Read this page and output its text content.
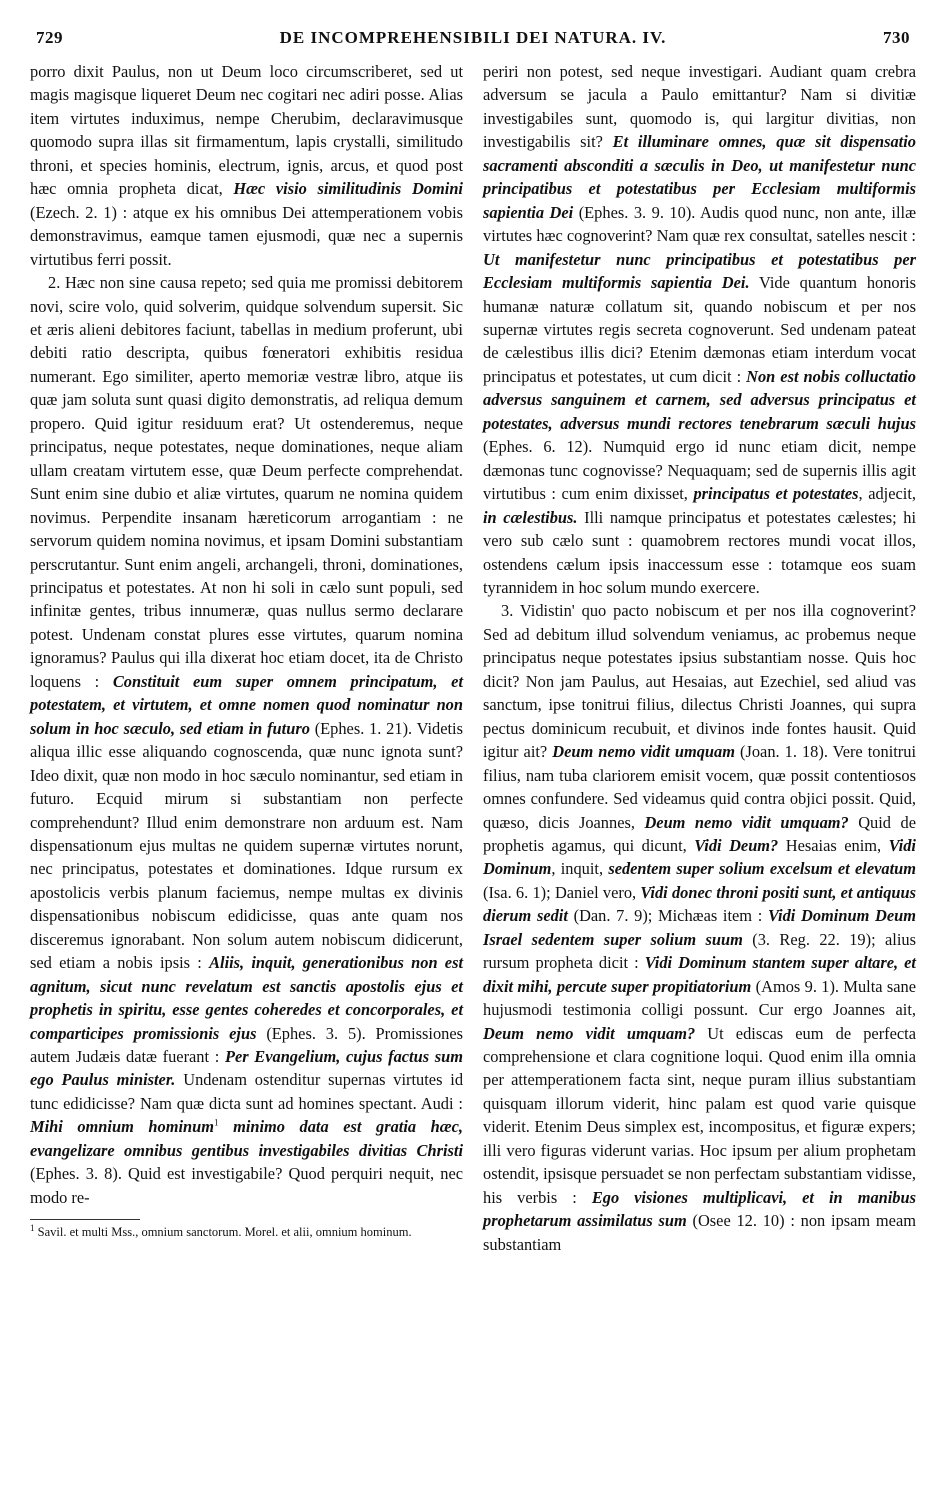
729	DE INCOMPREHENSIBILI DEI NATURA. IV.	730

porro dixit Paulus, non ut Deum loco circumscriberet, sed ut magis magisque liqueret Deum nec cogitari nec adiri posse. Alias item virtutes induximus, nempe Cherubim, declaravimusque quomodo supra illas sit firmamentum, lapis crystalli, similitudo throni, et species hominis, electrum, ignis, arcus, et quod post hæc omnia propheta dicat, Hæc visio similitudinis Domini (Ezech. 2. 1) : atque ex his omnibus Dei attemperationem vobis demonstravimus, eamque tamen ejusmodi, quæ nec a supernis virtutibus ferri possit.

2. Hæc non sine causa repeto; sed quia me promissi debitorem novi, scire volo, quid solverim, quidque solvendum supersit. Sic et æris alieni debitores faciunt, tabellas in medium proferunt, ubi debiti ratio descripta, quibus fœneratori exhibitis residua numerant. Ego similiter, aperto memoriæ vestræ libro, atque iis quæ jam soluta sunt quasi digito demonstratis, ad reliqua demum propero. Quid igitur residuum erat? Ut ostenderemus, neque principatus, neque potestates, neque dominationes, neque aliam ullam creatam virtutem esse, quæ Deum perfecte comprehendat. Sunt enim sine dubio et aliæ virtutes, quarum ne nomina quidem novimus. Perpendite insanam hæreticorum arrogantiam : ne servorum quidem nomina novimus, et ipsam Domini substantiam perscrutantur. Sunt enim angeli, archangeli, throni, dominationes, principatus et potestates. At non hi soli in cælo sunt populi, sed infinitæ gentes, tribus innumeræ, quas nullus sermo declarare potest. Undenam constat plures esse virtutes, quarum nomina ignoramus? Paulus qui illa dixerat hoc etiam docet, ita de Christo loquens : Constituit eum super omnem principatum, et potestatem, et virtutem, et omne nomen quod nominatur non solum in hoc sæculo, sed etiam in futuro (Ephes. 1. 21). Videtis aliqua illic esse aliquando cognoscenda, quæ nunc ignota sunt? Ideo dixit, quæ non modo in hoc sæculo nominantur, sed etiam in futuro. Ecquid mirum si substantiam non perfecte comprehendunt? Illud enim demonstrare non arduum est. Nam dispensationum ejus multas ne quidem supernæ virtutes norunt, nec principatus, potestates et dominationes. Idque rursum ex apostolicis verbis planum faciemus, nempe multas ex divinis dispensationibus nobiscum edidicisse, quas ante quam nos disceremus ignorabant. Non solum autem nobiscum didicerunt, sed etiam a nobis ipsis : Aliis, inquit, generationibus non est agnitum, sicut nunc revelatum est sanctis apostolis ejus et prophetis in spiritu, esse gentes coheredes et concorporales, et comparticipes promissionis ejus (Ephes. 3. 5). Promissiones autem Judæis datæ fuerant : Per Evangelium, cujus factus sum ego Paulus minister. Undenam ostenditur supernas virtutes id tunc edidicisse? Nam quæ dicta sunt ad homines spectant. Audi : Mihi omnium hominum$^1$ minimo data est gratia hæc, evangelizare omnibus gentibus investigabiles divitias Christi (Ephes. 3. 8). Quid est investigabile? Quod perquiri nequit, nec modo re-

$^1$ Savil. et multi Mss., omnium sanctorum. Morel. et alii, omnium hominum.

periri non potest, sed neque investigari. Audiant quam crebra adversum se jacula a Paulo emittantur? Nam si divitiæ investigabiles sunt, quomodo is, qui largitur divitias, non investigabilis sit? Et illuminare omnes, quæ sit dispensatio sacramenti absconditi a sæculis in Deo, ut manifestetur nunc principatibus et potestatibus per Ecclesiam multiformis sapientia Dei (Ephes. 3. 9. 10). Audis quod nunc, non ante, illæ virtutes hæc cognoverint? Nam quæ rex consultat, satelles nescit : Ut manifestetur nunc principatibus et potestatibus per Ecclesiam multiformis sapientia Dei. Vide quantum honoris humanæ naturæ collatum sit, quando nobiscum et per nos supernæ virtutes regis secreta cognoverunt. Sed undenam pateat de cælestibus illis dici? Etenim dæmonas etiam interdum vocat principatus et potestates, ut cum dicit : Non est nobis colluctatio adversus sanguinem et carnem, sed adversus principatus et potestates, adversus mundi rectores tenebrarum sæculi hujus (Ephes. 6. 12). Numquid ergo id nunc etiam dicit, nempe dæmonas tunc cognovisse? Nequaquam; sed de supernis illis agit virtutibus : cum enim dixisset, principatus et potestates, adjecit, in cælestibus. Illi namque principatus et potestates cælestes; hi vero sub cælo sunt : quamobrem rectores mundi vocat illos, ostendens cælum ipsis inaccessum esse : totamque eos suam tyrannidem in hoc solum mundo exercere.

3. Vidistin' quo pacto nobiscum et per nos illa cognoverint? Sed ad debitum illud solvendum veniamus, ac probemus neque principatus neque potestates ipsius substantiam nosse. Quis hoc dicit? Non jam Paulus, aut Hesaias, aut Ezechiel, sed aliud vas sanctum, ipse tonitrui filius, dilectus Christi Joannes, qui supra pectus dominicum recubuit, et divinos inde fontes hausit. Quid igitur ait? Deum nemo vidit umquam (Joan. 1. 18). Vere tonitrui filius, nam tuba clariorem emisit vocem, quæ possit contentiosos omnes confundere. Sed videamus quid contra objici possit. Quid, quæso, dicis Joannes, Deum nemo vidit umquam? Quid de prophetis agamus, qui dicunt, Vidi Deum? Hesaias enim, Vidi Dominum, inquit, sedentem super solium excelsum et elevatum (Isa. 6. 1); Daniel vero, Vidi donec throni positi sunt, et antiquus dierum sedit (Dan. 7. 9); Michæas item : Vidi Dominum Deum Israel sedentem super solium suum (3. Reg. 22. 19); alius rursum propheta dicit : Vidi Dominum stantem super altare, et dixit mihi, percute super propitiatorium (Amos 9. 1). Multa sane hujusmodi testimonia colligi possunt. Cur ergo Joannes ait, Deum nemo vidit umquam? Ut ediscas eum de perfecta comprehensione et clara cognitione loqui. Quod enim illa omnia per attemperationem facta sint, neque puram illius substantiam quisquam illorum viderit, hinc palam est quod varie quisque viderit. Etenim Deus simplex est, incompositus, et figuræ expers; illi vero figuras viderunt varias. Hoc ipsum per alium prophetam ostendit, ipsisque persuadet se non perfectam substantiam vidisse, his verbis : Ego visiones multiplicavi, et in manibus prophetarum assimilatus sum (Osee 12. 10) : non ipsam meam substantiam
